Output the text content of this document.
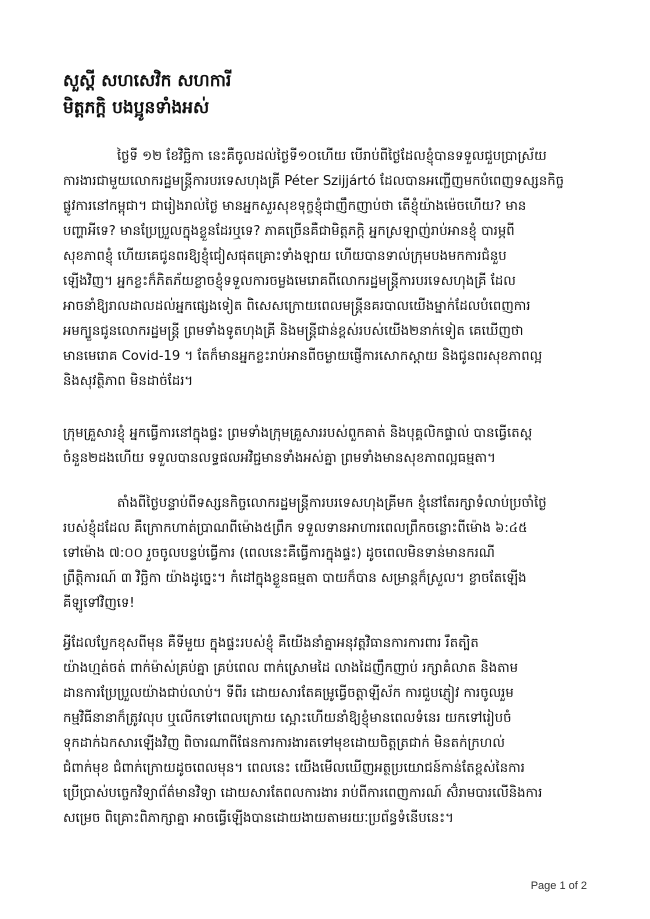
សួស្តី សហសេវិក សហការី
មិត្តភក្តិ បងប្អូនទាំងអស់
ថ្ងៃទី ១២ ខែវិច្ឆិកា នេះគឺចូលដល់ថ្ងៃទី១០ហើយ បើរាប់ពីថ្ងៃដែលខ្ញុំបានទទួលជួបប្រាស្រ័យ
ការងារជាមួយលោករដ្ឋមន្ត្រីការបរទេសហុងគ្រី Péter Szijjártó ដែលបានអញ្ជើញមកបំពេញទស្សនកិច្ច
ផ្លូវការនៅកម្ពុជា។ ជារៀងរាល់ថ្ងៃ មានអ្នកសួរសុខទុក្ខខ្ញុំជាញឹកញាប់ថា តើខ្ញុំយ៉ាងម៉េចហើយ? មាន
បញ្ហាអីទេ? មានប្រែប្រួលក្នុងខ្លួនដែរឬទេ? ភាគច្រើនគឺជាមិត្តភក្តិ អ្នកស្រឡាញ់រាប់អានខ្ញុំ បារម្ភពី
សុខភាពខ្ញុំ ហើយគេជូនពរឱ្យខ្ញុំជៀសផុតគ្រោះទាំងឡាយ ហើយបានទាល់ក្រុមបងមកការជំនួប
ឡើងវិញ។ អ្នកខ្លះក៏ភិតភ័យខ្លាចខ្ញុំទទួលការចម្លងមេរោគពីលោករដ្ឋមន្ត្រីការបរទេសហុងគ្រី ដែល
អាចនាំឱ្យរាលដាលដល់អ្នកផ្សេងទៀត ពិសេសក្រោយពេលមន្ត្រីនគរបាលយើងម្នាក់ដែលបំពេញការ
អមក្បួនជូនលោករដ្ឋមន្ត្រី ព្រមទាំងទូតហុងគ្រី និងមន្ត្រីជាន់ខ្ពស់របស់យើង២នាក់ទៀត គេឃើញថា
មានមេរោគ Covid-19 ។ តែក៏មានអ្នកខ្លះរាប់អានពីចម្ងាយផ្ញើការសោកស្តាយ និងជូនពរសុខភាពល្អ
និងសុវត្ថិភាព មិនដាច់ដែរ។
ក្រុមគ្រួសារខ្ញុំ អ្នកធ្វើការនៅក្នុងផ្ទះ ព្រមទាំងក្រុមគ្រួសាររបស់ពួកគាត់ និងបុគ្គលិកផ្ទាល់ បានធ្វើតេស្ត
ចំនួន២ដងហើយ ទទួលបានលទ្ធផលអវិជ្ជមានទាំងអស់គ្នា ព្រមទាំងមានសុខភាពល្អធម្មតា។
តាំងពីថ្ងៃបន្ទាប់ពីទស្សនកិច្ចលោករដ្ឋមន្ត្រីការបរទេសហុងគ្រីមក ខ្ញុំនៅតែរក្សាទំលាប់ប្រចាំថ្ងៃ
របស់ខ្ញុំដដែល គឺក្រោកហាត់ប្រាណពីម៉ោង៥ព្រឹក ទទួលទានអាហារពេលព្រឹកចន្លោះពីម៉ោង ៦:៤៥
ទៅម៉ោង ៧:០០ រួចចូលបន្ទប់ធ្វើការ (ពេលនេះគឺធ្វើការក្នុងផ្ទះ) ដូចពេលមិនទាន់មានករណី
ព្រឹត្តិការណ៍ ៣ វិច្ឆិកា យ៉ាងដូច្នេះ។ កំដៅក្នុងខ្លួនធម្មតា បាយក៏បាន សម្រាន្តក៏ស្រួល។ ខ្លាចតែឡើង
គីឡូទៅវិញទេ!
អ្វីដែលប្លែកខុសពីមុន គឺទីមួយ ក្នុងផ្ទះរបស់ខ្ញុំ គឺយើងនាំគ្នាអនុវត្តវិធានការការពារ រឹតត្បិត
យ៉ាងហ្មត់ចត់ ពាក់ម៉ាស់គ្រប់គ្នា គ្រប់ពេល ពាក់ស្រោមដៃ លាងដៃញឹកញាប់ រក្សាគំលាត និងតាម
ដានការប្រែប្រួលយ៉ាងជាប់លាប់។ ទីពីរ ដោយសារតែគម្រូធ្វើចត្តាឡីស័ក ការជួបភ្ញៀវ ការចូលរួម
កម្មវិធីនានាក៏ត្រូវលុប ឬលើកទៅពេលក្រោយ ស្អោះហើយនាំឱ្យខ្ញុំមានពេលទំនេរ យកទៅរៀបចំ
ទុកដាក់ឯកសារឡើងវិញ ពិចារណាពីផែនការការងារតទៅមុខដោយចិត្តត្រជាក់ មិនតក់ក្រហល់
ជំពាក់មុខ ជំពាក់ក្រោយដូចពេលមុន។ ពេលនេះ យើងមើលឃើញអត្ថប្រយោជន៍កាន់តែខ្ពស់នៃការ
ប្រើប្រាស់បច្ចេកវិទ្យាព័ត៌មានវិទ្យា ដោយសារតែពលការងារ រាប់ពីការពេញការណ៍ ស៊ំរាមបារលើនិងការ
សម្រេច ពិគ្រោះពិភាក្សាគ្នា អាចធ្វើឡើងបានដោយងាយតាមរយៈប្រព័ន្ធទំនើបនេះ។
Page 1 of 2
